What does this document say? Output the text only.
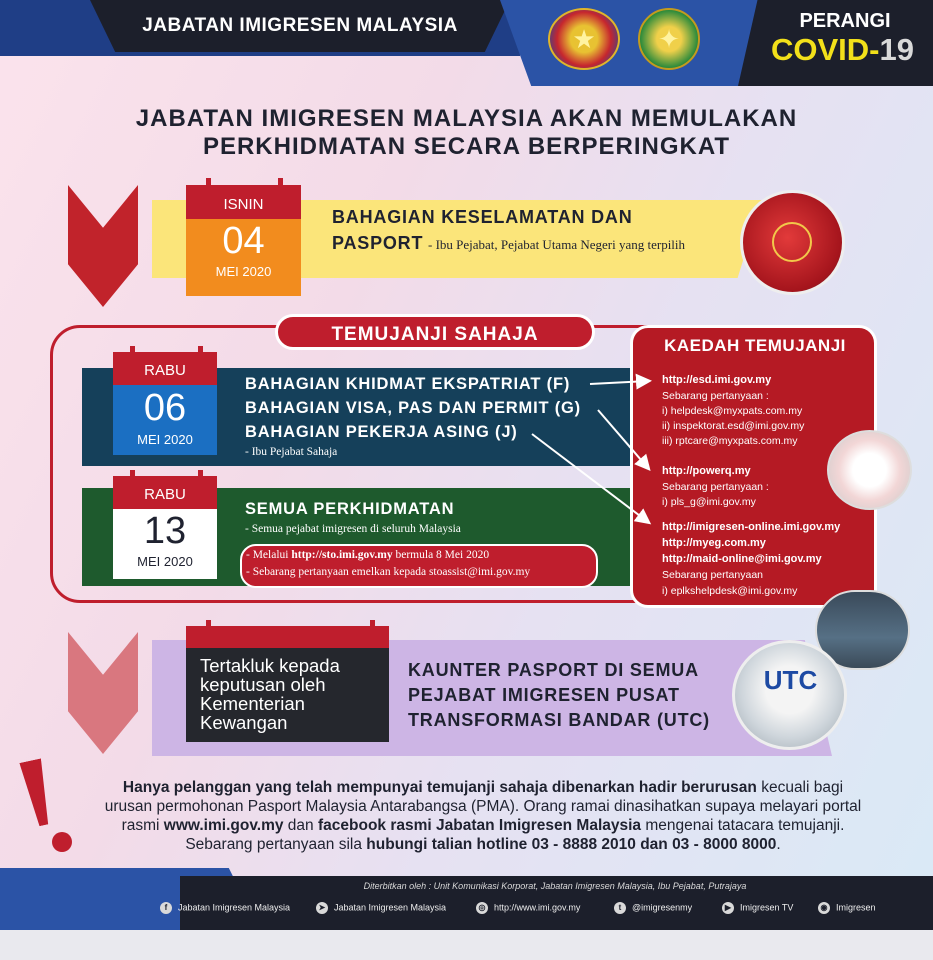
JABATAN IMIGRESEN MALAYSIA	★	✦
PERANGI
COVID-19
JABATAN IMIGRESEN MALAYSIA AKAN MEMULAKAN
PERKHIDMATAN SECARA BERPERINGKAT
ISNIN
04
MEI 2020
BAHAGIAN KESELAMATAN DAN
PASPORT - Ibu Pejabat, Pejabat Utama Negeri yang terpilih
RABU
06
MEI 2020
BAHAGIAN KHIDMAT EKSPATRIAT (F)
BAHAGIAN VISA, PAS DAN PERMIT (G)
BAHAGIAN PEKERJA ASING (J)
- Ibu Pejabat Sahaja
RABU
13
MEI 2020
SEMUA PERKHIDMATAN
- Semua pejabat imigresen di seluruh Malaysia
- Melalui http://sto.imi.gov.my bermula 8 Mei 2020
- Sebarang pertanyaan emelkan kepada stoassist@imi.gov.my
TEMUJANJI SAHAJA
KAEDAH TEMUJANJI
http://esd.imi.gov.my
Sebarang pertanyaan :
i) helpdesk@myxpats.com.my
ii) inspektorat.esd@imi.gov.my
iii) rptcare@myxpats.com.my
http://powerq.my
Sebarang pertanyaan :
i) pls_g@imi.gov.my
http://imigresen-online.imi.gov.my
http://myeg.com.my
http://maid-online@imi.gov.my
Sebarang pertanyaan
i) eplkshelpdesk@imi.gov.my
Tertakluk kepada keputusan oleh Kementerian Kewangan
KAUNTER PASPORT DI SEMUA
PEJABAT IMIGRESEN PUSAT
TRANSFORMASI BANDAR (UTC)
UTC
Hanya pelanggan yang telah mempunyai temujanji sahaja dibenarkan hadir berurusan kecuali bagi
urusan permohonan Pasport Malaysia Antarabangsa (PMA). Orang ramai dinasihatkan supaya melayari portal
rasmi www.imi.gov.my dan facebook rasmi Jabatan Imigresen Malaysia mengenai tatacara temujanji.
Sebarang pertanyaan sila hubungi talian hotline 03 - 8888 2010 dan 03 - 8000 8000.
Diterbitkan oleh : Unit Komunikasi Korporat, Jabatan Imigresen Malaysia, Ibu Pejabat, Putrajaya
f Jabatan Imigresen Malaysia	➤ Jabatan Imigresen Malaysia	◎ http://www.imi.gov.my	t @imigresenmy	▶ Imigresen TV	◉ Imigresen
